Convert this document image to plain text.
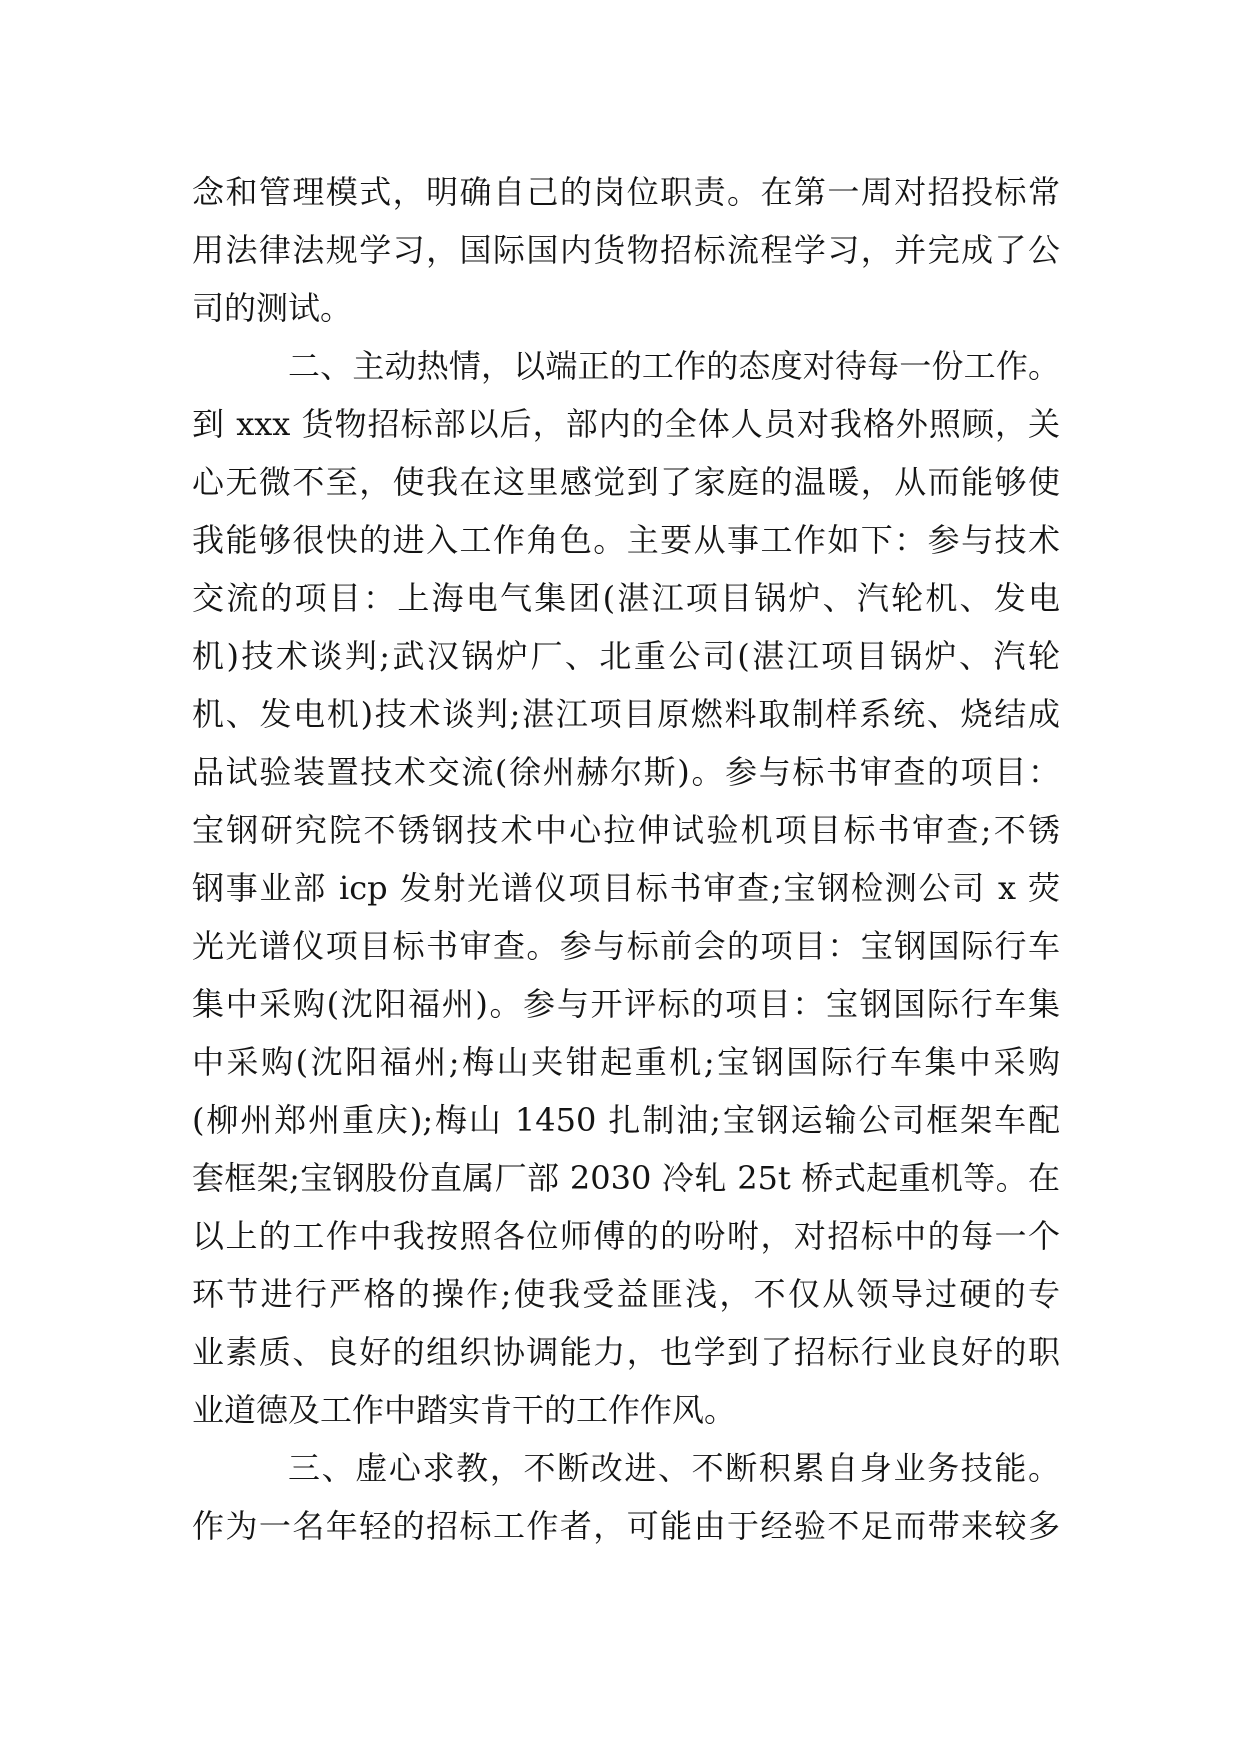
念和管理模式，明确自己的岗位职责。在第一周对招投标常
用法律法规学习，国际国内货物招标流程学习，并完成了公
司的测试。
二、主动热情，以端正的工作的态度对待每一份工作。
到 xxx 货物招标部以后，部内的全体人员对我格外照顾，关
心无微不至，使我在这里感觉到了家庭的温暖，从而能够使
我能够很快的进入工作角色。主要从事工作如下：参与技术
交流的项目：上海电气集团(湛江项目锅炉、汽轮机、发电
机)技术谈判;武汉锅炉厂、北重公司(湛江项目锅炉、汽轮
机、发电机)技术谈判;湛江项目原燃料取制样系统、烧结成
品试验装置技术交流(徐州赫尔斯)。参与标书审查的项目：
宝钢研究院不锈钢技术中心拉伸试验机项目标书审查;不锈
钢事业部 icp 发射光谱仪项目标书审查;宝钢检测公司 x 荧
光光谱仪项目标书审查。参与标前会的项目：宝钢国际行车
集中采购(沈阳福州)。参与开评标的项目：宝钢国际行车集
中采购(沈阳福州;梅山夹钳起重机;宝钢国际行车集中采购
(柳州郑州重庆);梅山 1450 扎制油;宝钢运输公司框架车配
套框架;宝钢股份直属厂部 2030 冷轧 25t 桥式起重机等。在
以上的工作中我按照各位师傅的的吩咐，对招标中的每一个
环节进行严格的操作;使我受益匪浅，不仅从领导过硬的专
业素质、良好的组织协调能力，也学到了招标行业良好的职
业道德及工作中踏实肯干的工作作风。
三、虚心求教，不断改进、不断积累自身业务技能。
作为一名年轻的招标工作者，可能由于经验不足而带来较多
